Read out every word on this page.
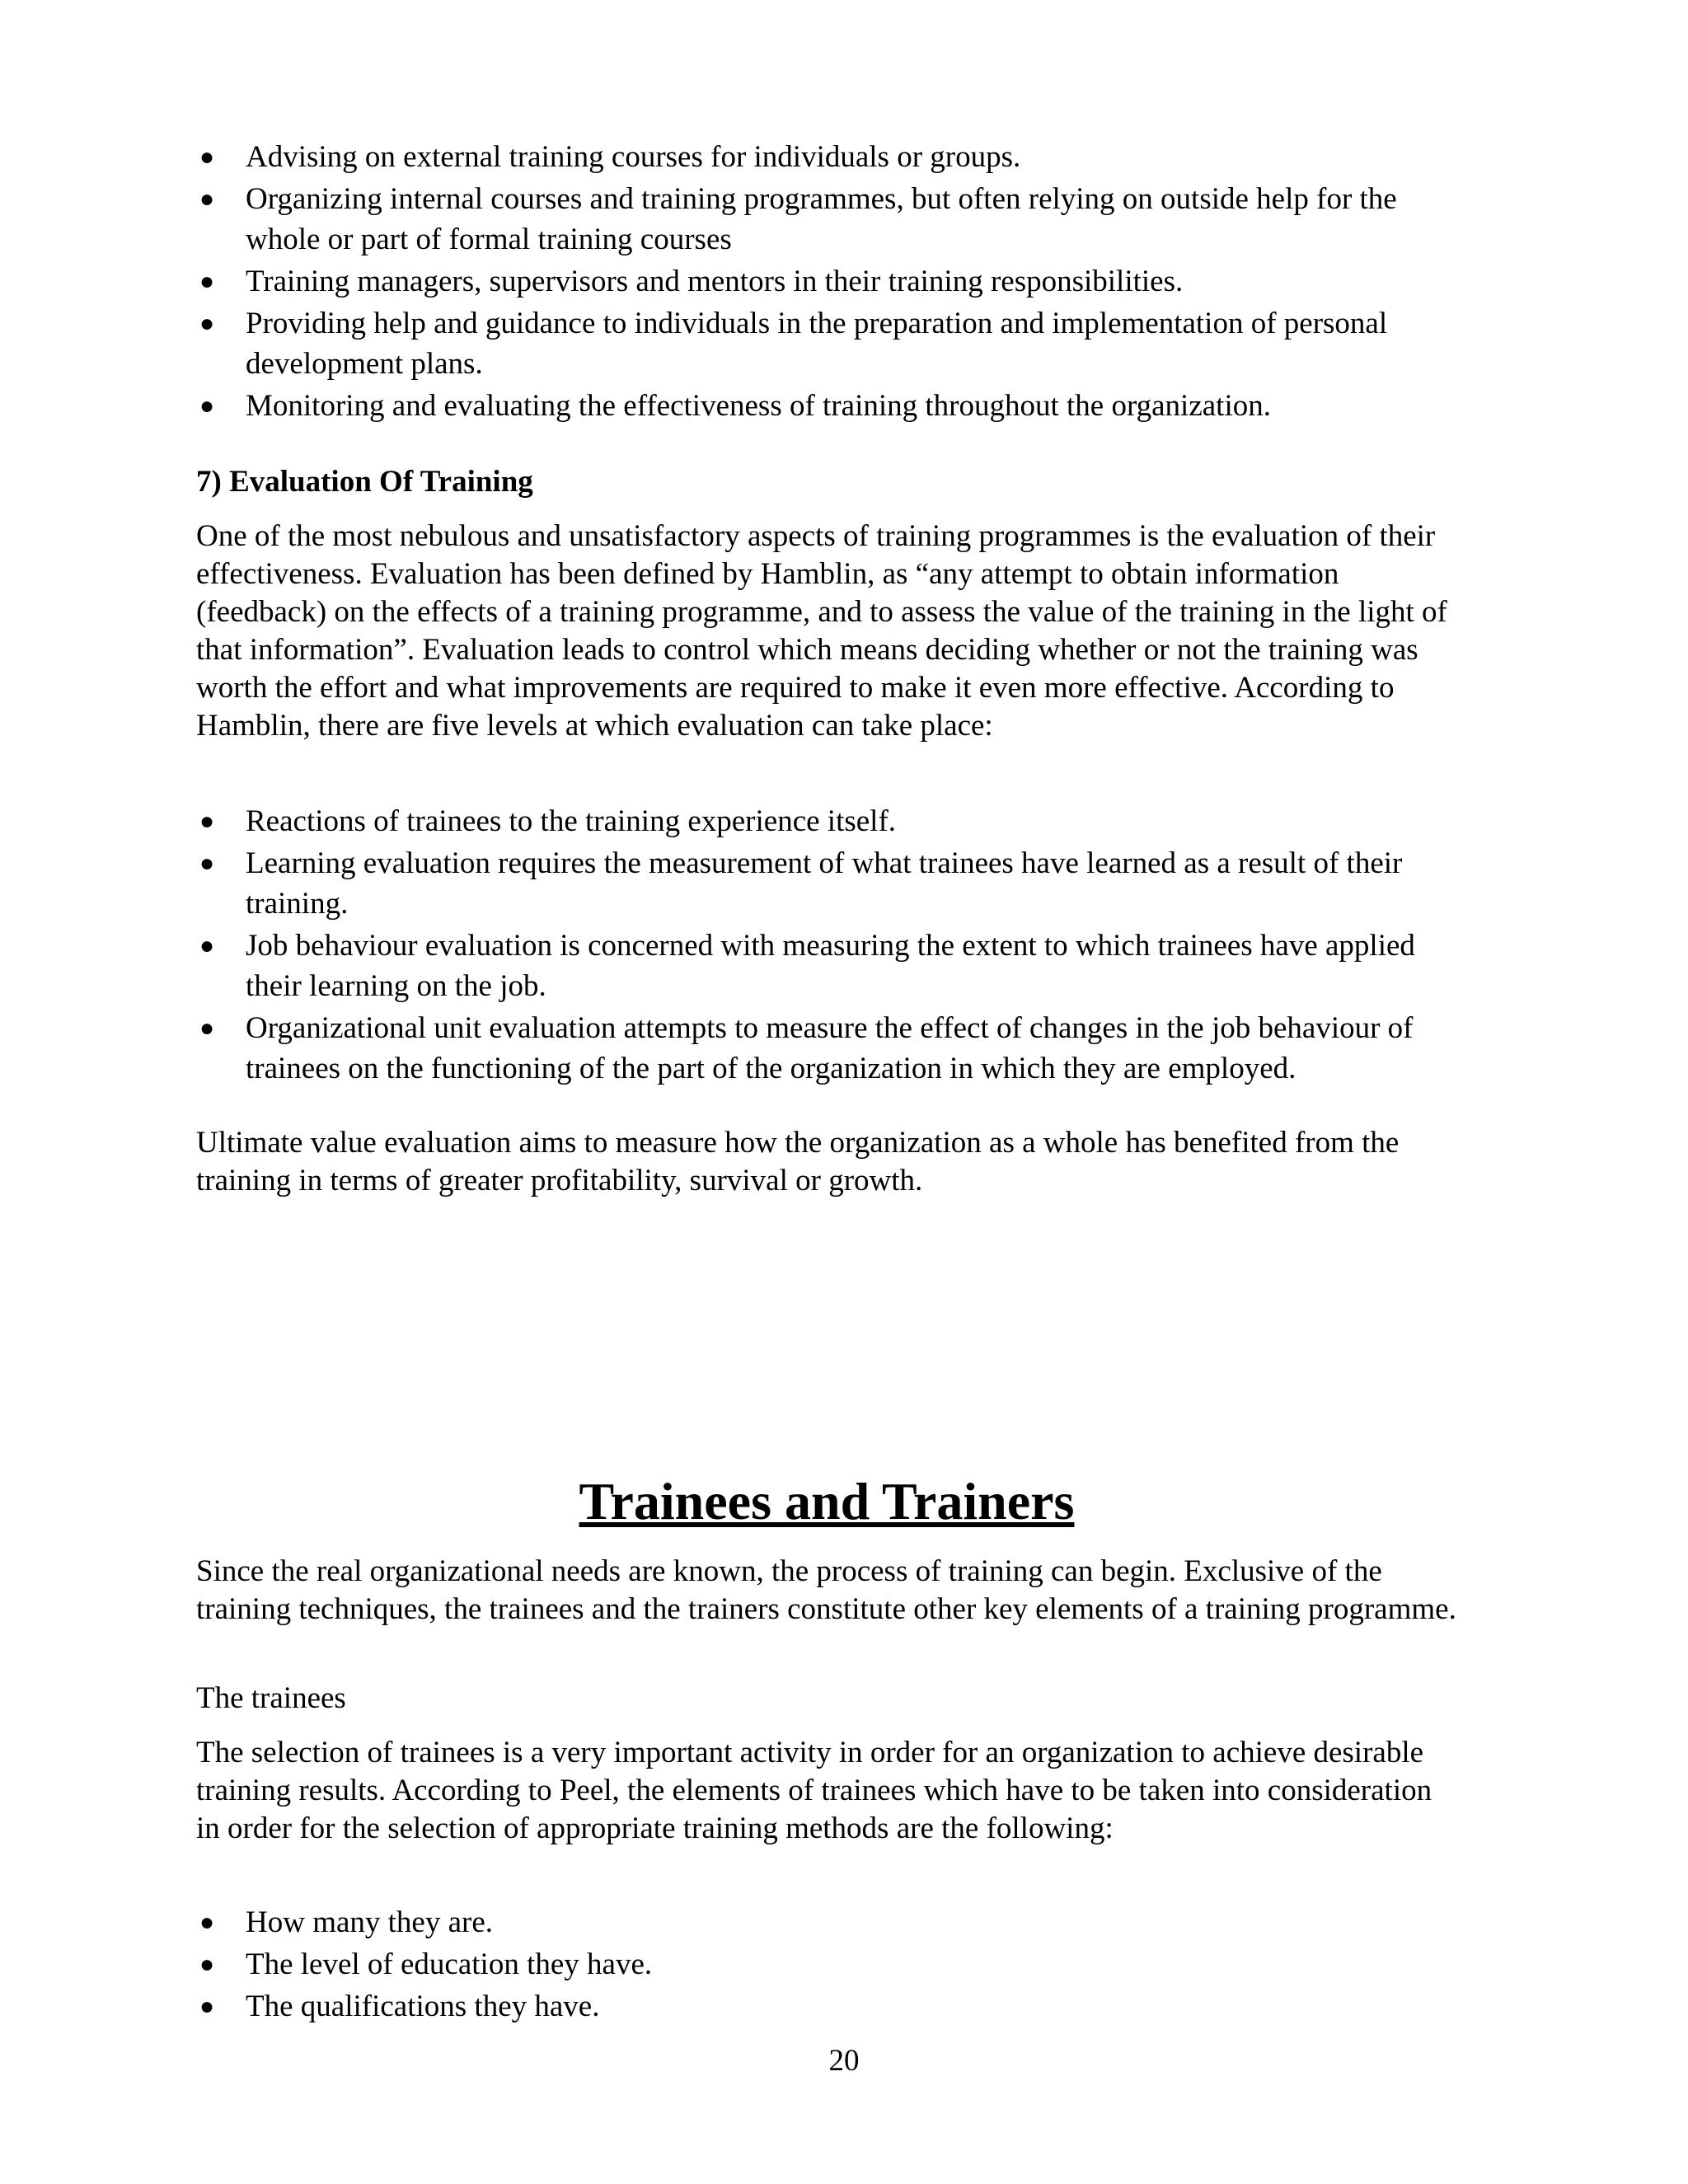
● Advising on external training courses for individuals or groups.
● Organizing internal courses and training programmes, but often relying on outside help for the whole or part of formal training courses
● Training managers, supervisors and mentors in their training responsibilities.
● Providing help and guidance to individuals in the preparation and implementation of personal development plans.
● Monitoring and evaluating the effectiveness of training throughout the organization.

7) Evaluation Of Training

One of the most nebulous and unsatisfactory aspects of training programmes is the evaluation of their effectiveness. Evaluation has been defined by Hamblin, as “any attempt to obtain information (feedback) on the effects of a training programme, and to assess the value of the training in the light of that information”. Evaluation leads to control which means deciding whether or not the training was worth the effort and what improvements are required to make it even more effective. According to Hamblin, there are five levels at which evaluation can take place:

● Reactions of trainees to the training experience itself.
● Learning evaluation requires the measurement of what trainees have learned as a result of their training.
● Job behaviour evaluation is concerned with measuring the extent to which trainees have applied their learning on the job.
● Organizational unit evaluation attempts to measure the effect of changes in the job behaviour of trainees on the functioning of the part of the organization in which they are employed.

Ultimate value evaluation aims to measure how the organization as a whole has benefited from the training in terms of greater profitability, survival or growth.

Trainees and Trainers

Since the real organizational needs are known, the process of training can begin. Exclusive of the training techniques, the trainees and the trainers constitute other key elements of a training programme.

The trainees

The selection of trainees is a very important activity in order for an organization to achieve desirable training results. According to Peel, the elements of trainees which have to be taken into consideration in order for the selection of appropriate training methods are the following:

● How many they are.
● The level of education they have.
● The qualifications they have.
20
